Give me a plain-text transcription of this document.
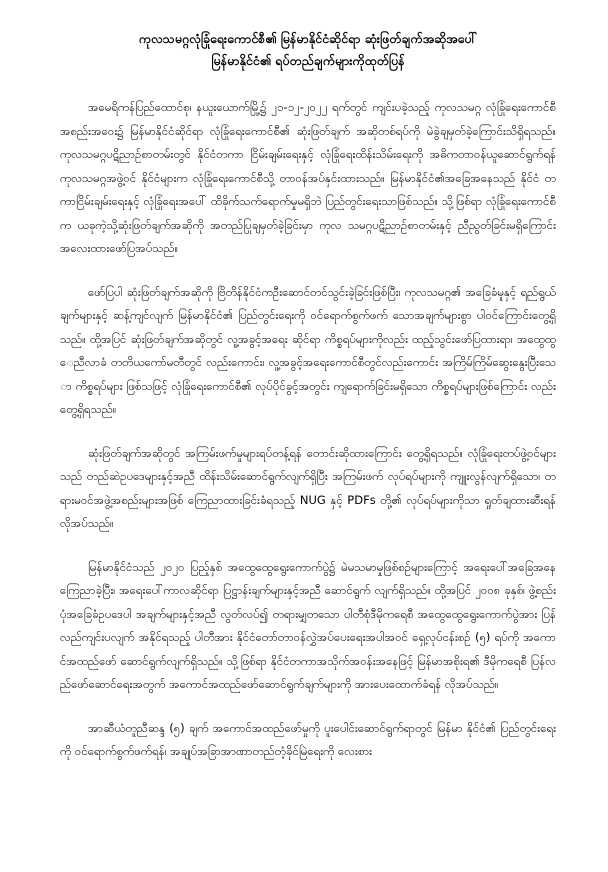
ကုလသမဂ္ဂလုံခြုံရေးကောင်စီ၏ မြန်မာနိုင်ငံဆိုင်ရာ ဆုံးဖြတ်ချက်အဆိုအပေါ်
မြန်မာနိုင်ငံ၏ ရပ်တည်ချက်များကိုထုတ်ပြန်

အမေရိကန်ပြည်ထောင်စု၊ နယူးယောက်မြို့၌ ၂၁-၁၂-၂၀၂၂ ရက်တွင် ကျင်းပခဲ့သည့် ကုလသမဂ္ဂ လုံခြုံရေးကောင်စီအစည်းအဝေး၌ မြန်မာနိုင်ငံဆိုင်ရာ လုံခြုံရေးကောင်စီ၏ ဆုံးဖြတ်ချက် အဆိုတစ်ရပ်ကို မဲခွဲချမှတ်ခဲ့ကြောင်းသိရှိရသည်။ ကုလသမဂ္ဂပဋိညာဉ်စာတမ်းတွင် နိုင်ငံတကာ ငြိမ်းချမ်းရေးနှင့် လုံခြုံရေးထိန်းသိမ်းရေးကို အဓိကတာဝန်ယူဆောင်ရွက်ရန် ကုလသမဂ္ဂအဖွဲ့ဝင် နိုင်ငံများက လုံခြုံရေးကောင်စီသို့ တာဝန်အပ်နှင်းထားသည်။ မြန်မာနိုင်ငံ၏အခြေအနေသည် နိုင်ငံ တကာငြိမ်းချမ်းရေးနှင့် လုံခြုံရေးအပေါ် ထိခိုက်သက်ရောက်မှုမရှိဘဲ ပြည်တွင်းရေးသာဖြစ်သည်။ သို့ဖြစ်ရာ လုံခြုံရေးကောင်စီက ယခုကဲ့သို့ဆုံးဖြတ်ချက်အဆိုကို အတည်ပြုချမှတ်ခဲ့ခြင်းမှာ ကုလ သမဂ္ဂပဋိညာဉ်စာတမ်းနှင့် ညီညွတ်ခြင်းမရှိကြောင်း အလေးထားဖော်ပြအပ်သည်။

ဖော်ပြပါ ဆုံးဖြတ်ချက်အဆိုကို ဗြိတိန်နိုင်ငံကဦးဆောင်တင်သွင်းခဲ့ခြင်းဖြစ်ပြီး၊ ကုလသမဂ္ဂ၏ အခြေခံမူနှင့် ရည်ရွယ်ချက်များနှင့် ဆန့်ကျင်လျက် မြန်မာနိုင်ငံ၏ ပြည်တွင်းရေးကို ဝင်ရောက်စွက်ဖက် သောအချက်များစွာ ပါဝင်ကြောင်းတွေ့ရှိသည်။ ထို့အပြင် ဆုံးဖြတ်ချက်အဆိုတွင် လူ့အခွင့်အရေး ဆိုင်ရာ ကိစ္စရပ်များကိုလည်း ထည့်သွင်းဖော်ပြထားရာ၊ အထွေထွေညီလာခံ တတိယကော်မတီတွင် လည်းကောင်း၊ လူ့အခွင့်အရေးကောင်စီတွင်လည်းကောင်း အကြိမ်ကြိမ်ဆွေးနွေးပြီးသော ကိစ္စရပ်များ ဖြစ်သဖြင့် လုံခြုံရေးကောင်စီ၏ လုပ်ပိုင်ခွင့်အတွင်း ကျရောက်ခြင်းမရှိသော ကိစ္စရပ်များဖြစ်ကြောင်း လည်း တွေ့ရှိရသည်။

ဆုံးဖြတ်ချက်အဆိုတွင် အကြမ်းဖက်မှုများရပ်တန့်ရန် တောင်းဆိုထားကြောင်း တွေ့ရှိရသည်။ လုံခြုံရေးတပ်ဖွဲ့ဝင်များသည် တည်ဆဲဥပဒေများနှင့်အညီ ထိန်းသိမ်းဆောင်ရွက်လျက်ရှိပြီး အကြမ်းဖက် လုပ်ရပ်များကို ကျူးလွန်လျက်ရှိသော၊ တရားမဝင်အဖွဲ့အစည်းများအဖြစ် ကြေညာထားခြင်းခံရသည့် NUG နှင့် PDFs တို့၏ လုပ်ရပ်များကိုသာ ရှုတ်ချထားဆီးရန်လိုအပ်သည်။

မြန်မာနိုင်ငံသည် ၂၀၂၀ ပြည့်နှစ် အထွေထွေရွေးကောက်ပွဲ၌ မဲမသမာမှုဖြစ်စဉ်များကြောင့် အရေးပေါ်အခြေအနေကြေညာခဲ့ပြီး၊ အရေးပေါ်ကာလဆိုင်ရာ ပြဋ္ဌာန်းချက်များနှင့်အညီ ဆောင်ရွက် လျက်ရှိသည်။ ထို့အပြင် ၂၀၀၈ ခုနှစ်၊ ဖွဲ့စည်းပုံအခြေခံဥပဒေပါ အချက်များနှင့်အညီ လွတ်လပ်၍ တရားမျှတသော ပါတီစုံဒီမိုကရေစီ အထွေထွေရွေးကောက်ပွဲအား ပြန်လည်ကျင်းပလျက် အနိုင်ရသည့် ပါတီအား နိုင်ငံတော်တာဝန်လွှဲအပ်ပေးရေးအပါအဝင် ရှေ့လုပ်ငန်းစဉ် (၅) ရပ်ကို အကောင်အထည်ဖော် ဆောင်ရွက်လျက်ရှိသည်။ သို့ဖြစ်ရာ နိုင်ငံတကာအသိုက်အဝန်းအနေဖြင့် မြန်မာအစိုးရ၏ ဒီမိုကရေစီ ပြန်လည်ဖော်ဆောင်ရေးအတွက် အကောင်အထည်ဖော်ဆောင်ရွက်ချက်များကို အားပေးထောက်ခံရန် လိုအပ်သည်။

အာဆီယံတူညီဆန္ဒ (၅) ချက် အကောင်အထည်ဖော်မှုကို ပူးပေါင်းဆောင်ရွက်ရာတွင် မြန်မာ နိုင်ငံ၏ ပြည်တွင်းရေးကို ဝင်ရောက်စွက်ဖက်ရန်၊ အချုပ်အခြာအာဏာတည်တံ့ခိုင်မြဲရေးကို လေးစား
